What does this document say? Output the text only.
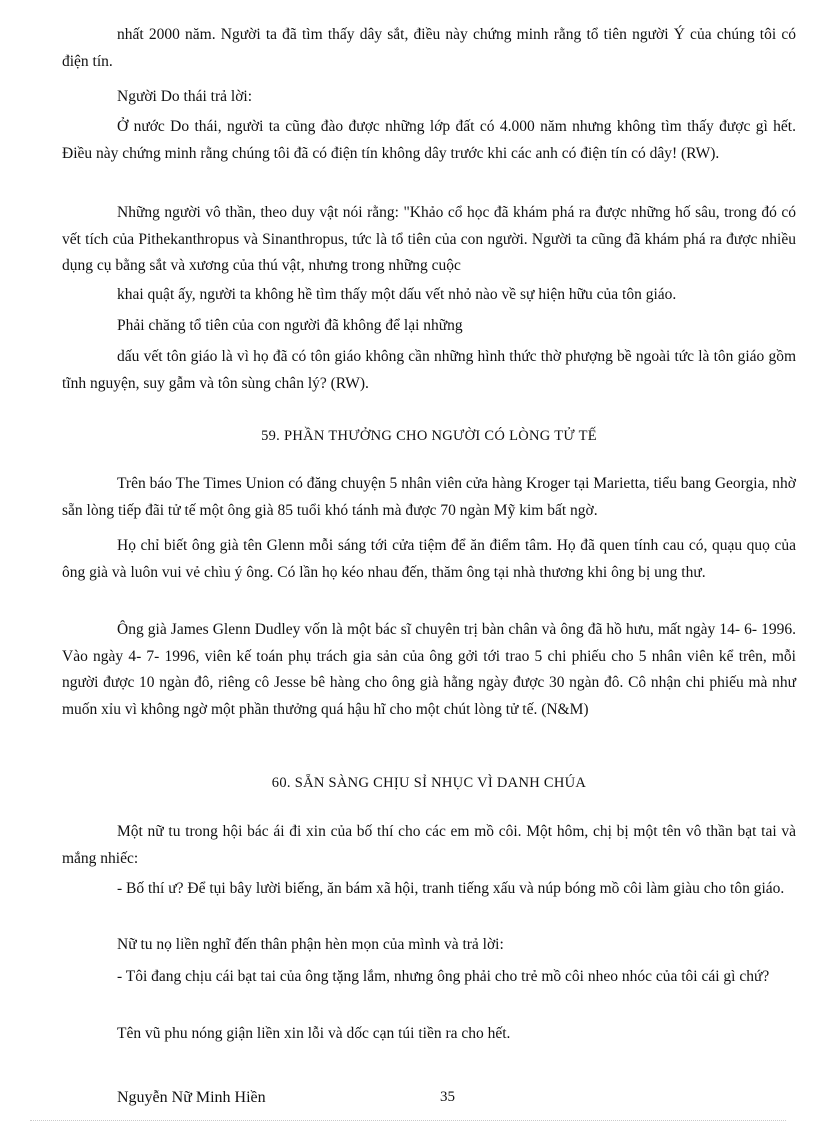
nhất 2000 năm. Người ta đã tìm thấy dây sắt, điều này chứng minh rằng tổ tiên người Ý của chúng tôi có điện tín.

Người Do thái trả lời:

Ở nước Do thái, người ta cũng đào được những lớp đất có 4.000 năm nhưng không tìm thấy được gì hết. Điều này chứng minh rằng chúng tôi đã có điện tín không dây trước khi các anh có điện tín có dây! (RW).

Những người vô thần, theo duy vật nói rằng: "Khảo cổ học đã khám phá ra được những hố sâu, trong đó có vết tích của Pithekanthropus và Sinanthropus, tức là tổ tiên của con người. Người ta cũng đã khám phá ra được nhiều dụng cụ bằng sắt và xương của thú vật, nhưng trong những cuộc

khai quật ấy, người ta không hề tìm thấy một dấu vết nhỏ nào về sự hiện hữu của tôn giáo.

Phải chăng tổ tiên của con người đã không để lại những

dấu vết tôn giáo là vì họ đã có tôn giáo không cần những hình thức thờ phượng bề ngoài tức là tôn giáo gồm tĩnh nguyện, suy gẫm và tôn sùng chân lý? (RW).

59. PHẦN THƯỞNG CHO NGƯỜI CÓ LÒNG TỬ TẾ

Trên báo The Times Union có đăng chuyện 5 nhân viên cửa hàng Kroger tại Marietta, tiểu bang Georgia, nhờ sẵn lòng tiếp đãi tử tế một ông già 85 tuổi khó tánh mà được 70 ngàn Mỹ kim bất ngờ.

Họ chỉ biết ông già tên Glenn mỗi sáng tới cửa tiệm để ăn điểm tâm. Họ đã quen tính cau có, quạu quọ của ông già và luôn vui vẻ chìu ý ông. Có lần họ kéo nhau đến, thăm ông tại nhà thương khi ông bị ung thư.

Ông già James Glenn Dudley vốn là một bác sĩ chuyên trị bàn chân và ông đã hồ hưu, mất ngày 14- 6- 1996. Vào ngày 4- 7- 1996, viên kế toán phụ trách gia sản của ông gởi tới trao 5 chi phiếu cho 5 nhân viên kể trên, mỗi người được 10 ngàn đô, riêng cô Jesse bê hàng cho ông già hằng ngày được 30 ngàn đô. Cô nhận chi phiếu mà như muốn xỉu vì không ngờ một phần thưởng quá hậu hĩ cho một chút lòng tử tế. (N&M)

60. SẴN SÀNG CHỊU SỈ NHỤC VÌ DANH CHÚA

Một nữ tu trong hội bác ái đi xin của bố thí cho các em mồ côi. Một hôm, chị bị một tên vô thần bạt tai và mắng nhiếc:

- Bố thí ư? Để tụi bây lười biếng, ăn bám xã hội, tranh tiếng xấu và núp bóng mồ côi làm giàu cho tôn giáo.

Nữ tu nọ liền nghĩ đến thân phận hèn mọn của mình và trả lời:

- Tôi đang chịu cái bạt tai của ông tặng lắm, nhưng ông phải cho trẻ mồ côi nheo nhóc của tôi cái gì chứ?

Tên vũ phu nóng giận liền xin lỗi và dốc cạn túi tiền ra cho hết.

Nguyễn Nữ Minh Hiền	35
